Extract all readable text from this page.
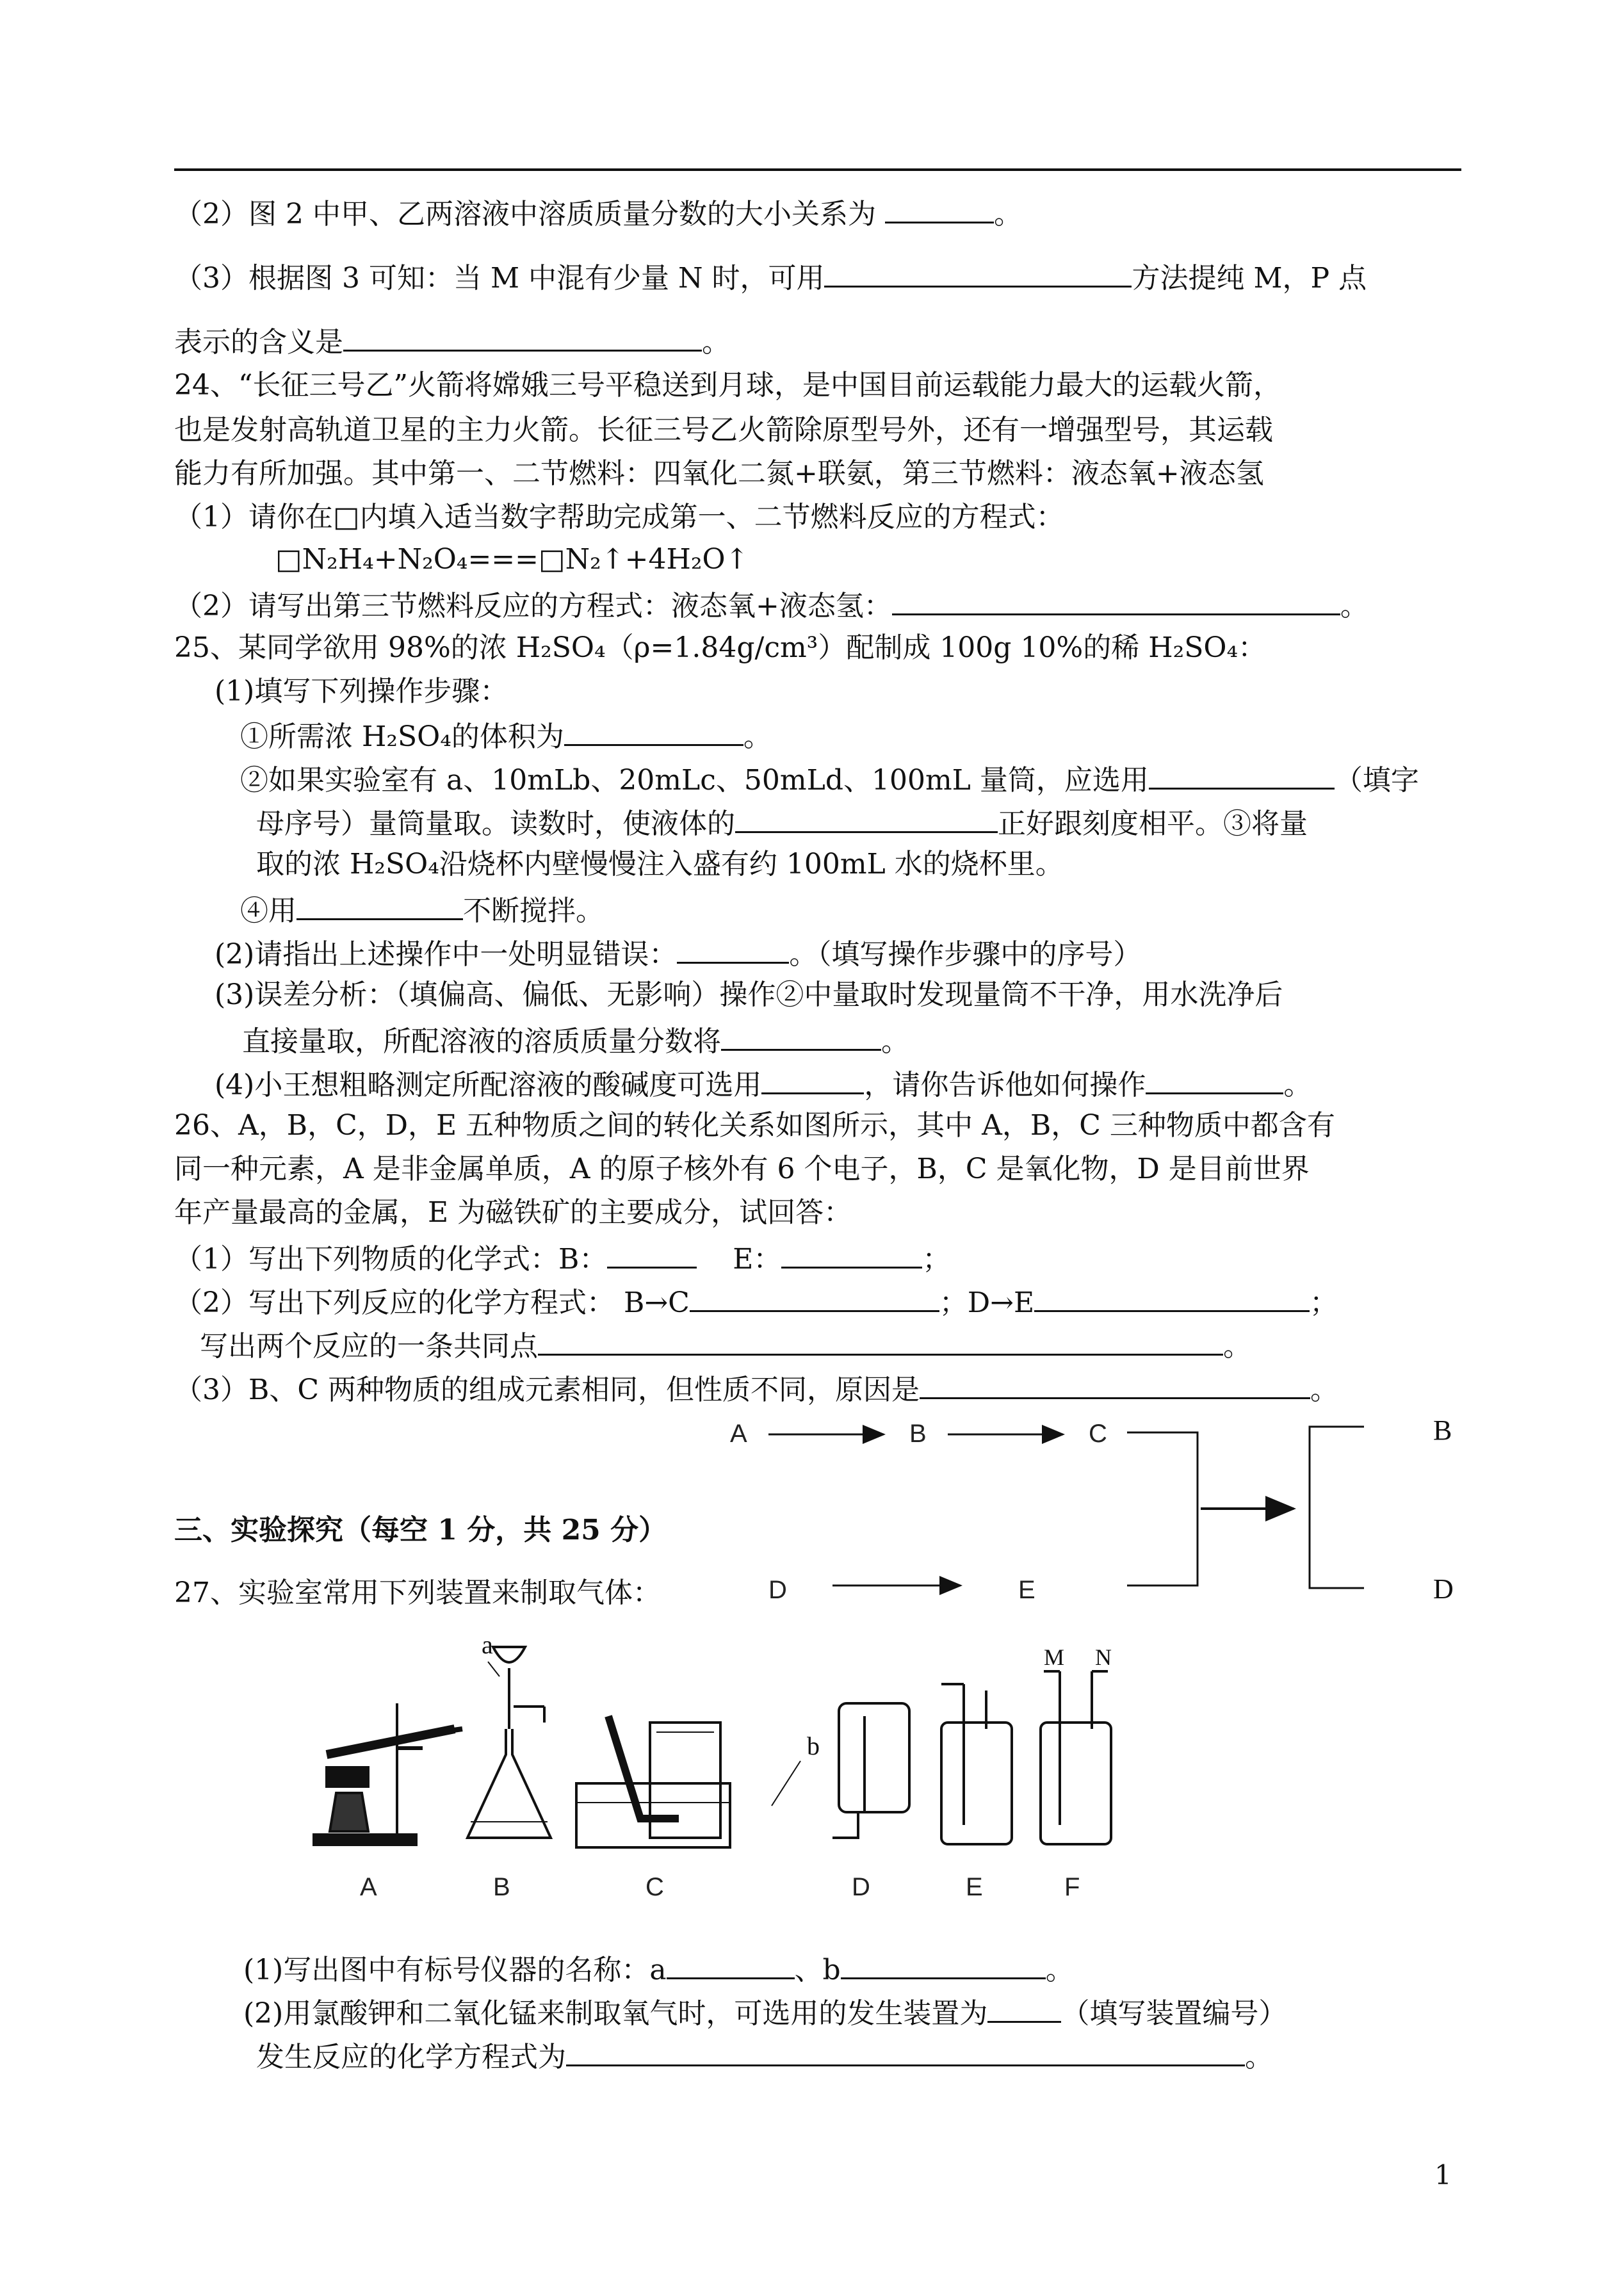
（2）图 2 中甲、乙两溶液中溶质质量分数的大小关系为	。
（3）根据图 3 可知：当 M 中混有少量 N 时，可用	方法提纯 M，P 点
表示的含义是	。
24、“长征三号乙”火箭将嫦娥三号平稳送到月球，是中国目前运载能力最大的运载火箭，
也是发射高轨道卫星的主力火箭。长征三号乙火箭除原型号外，还有一增强型号，其运载
能力有所加强。其中第一、二节燃料：四氧化二氮+联氨，第三节燃料：液态氧+液态氢
（1）请你在□内填入适当数字帮助完成第一、二节燃料反应的方程式：
□N₂H₄+N₂O₄===□N₂↑+4H₂O↑
（2）请写出第三节燃料反应的方程式：液态氧+液态氢：	。
25、某同学欲用 98%的浓 H₂SO₄（ρ=1.84g/cm³）配制成 100g 10%的稀 H₂SO₄：
(1)填写下列操作步骤：
①所需浓 H₂SO₄的体积为	。
②如果实验室有 a、10mLb、20mLc、50mLd、100mL 量筒，应选用	（填字
母序号）量筒量取。读数时，使液体的	正好跟刻度相平。③将量
取的浓 H₂SO₄沿烧杯内壁慢慢注入盛有约 100mL 水的烧杯里。
④用	不断搅拌。
(2)请指出上述操作中一处明显错误：	。（填写操作步骤中的序号）
(3)误差分析：（填偏高、偏低、无影响）操作②中量取时发现量筒不干净，用水洗净后
直接量取，所配溶液的溶质质量分数将	。
(4)小王想粗略测定所配溶液的酸碱度可选用	，请你告诉他如何操作	。
26、A，B，C，D，E 五种物质之间的转化关系如图所示，其中 A，B，C 三种物质中都含有
同一种元素，A 是非金属单质，A 的原子核外有 6 个电子，B，C 是氧化物，D 是目前世界
年产量最高的金属，E 为磁铁矿的主要成分，试回答：
（1）写出下列物质的化学式：B：	E：	；
（2）写出下列反应的化学方程式： B→C	；D→E	；
写出两个反应的一条共同点	。
（3）B、C 两种物质的组成元素相同，但性质不同，原因是	。
A	B	C
D	E
B
D
三、实验探究（每空 1 分，共 25 分）
27、实验室常用下列装置来制取气体：
A	B
a
C
b
D	E	F
M N
(1)写出图中有标号仪器的名称：a	、b	。
(2)用氯酸钾和二氧化锰来制取氧气时，可选用的发生装置为	（填写装置编号）
发生反应的化学方程式为	。
1
